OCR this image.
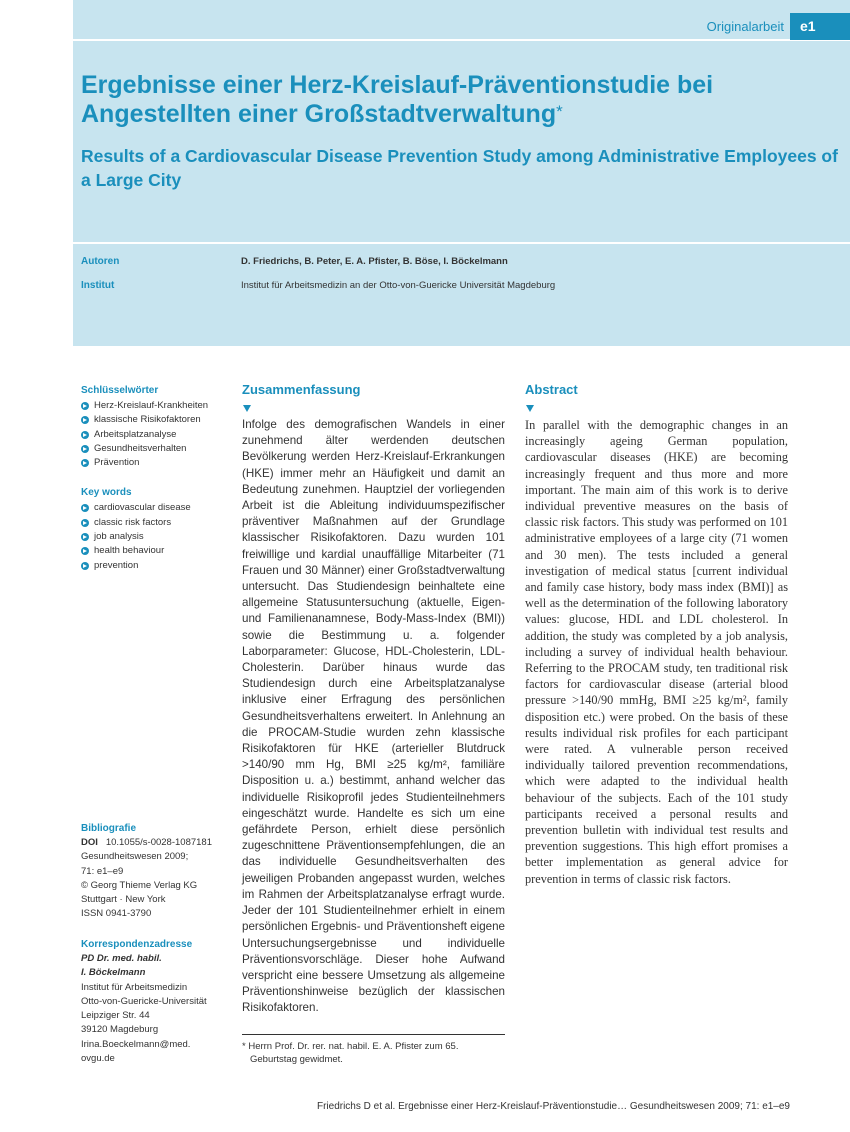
Originalarbeit	e1
Ergebnisse einer Herz-Kreislauf-Präventionstudie bei Angestellten einer Großstadtverwaltung*
Results of a Cardiovascular Disease Prevention Study among Administrative Employees of a Large City
Autoren	D. Friedrichs, B. Peter, E. A. Pfister, B. Böse, I. Böckelmann
Institut	Institut für Arbeitsmedizin an der Otto-von-Guericke Universität Magdeburg
Schlüsselwörter
Herz-Kreislauf-Krankheiten
klassische Risikofaktoren
Arbeitsplatzanalyse
Gesundheitsverhalten
Prävention
Key words
cardiovascular disease
classic risk factors
job analysis
health behaviour
prevention
Bibliografie
DOI 10.1055/s-0028-1087181
Gesundheitswesen 2009;
71: e1–e9
© Georg Thieme Verlag KG
Stuttgart · New York
ISSN 0941-3790
Korrespondenzadresse
PD Dr. med. habil.
I. Böckelmann
Institut für Arbeitsmedizin
Otto-von-Guericke-Universität
Leipziger Str. 44
39120 Magdeburg
Irina.Boeckelmann@med.
ovgu.de
Zusammenfassung

Infolge des demografischen Wandels in einer zunehmend älter werdenden deutschen Bevölkerung werden Herz-Kreislauf-Erkrankungen (HKE) immer mehr an Häufigkeit und damit an Bedeutung zunehmen. Hauptziel der vorliegenden Arbeit ist die Ableitung individuumspezifischer präventiver Maßnahmen auf der Grundlage klassischer Risikofaktoren. Dazu wurden 101 freiwillige und kardial unauffällige Mitarbeiter (71 Frauen und 30 Männer) einer Großstadtverwaltung untersucht. Das Studiendesign beinhaltete eine allgemeine Statusuntersuchung (aktuelle, Eigen- und Familienanamnese, Body-Mass-Index (BMI)) sowie die Bestimmung u. a. folgender Laborparameter: Glucose, HDL-Cholesterin, LDL-Cholesterin. Darüber hinaus wurde das Studiendesign durch eine Arbeitsplatzanalyse inklusive einer Erfragung des persönlichen Gesundheitsverhaltens erweitert. In Anlehnung an die PROCAM-Studie wurden zehn klassische Risikofaktoren für HKE (arterieller Blutdruck >140/90 mm Hg, BMI ≥25 kg/m², familiäre Disposition u. a.) bestimmt, anhand welcher das individuelle Risikoprofil jedes Studienteilnehmers eingeschätzt wurde. Handelte es sich um eine gefährdete Person, erhielt diese persönlich zugeschnittene Präventionsempfehlungen, die an das individuelle Gesundheitsverhalten des jeweiligen Probanden angepasst wurden, welches im Rahmen der Arbeitsplatzanalyse erfragt wurde. Jeder der 101 Studienteilnehmer erhielt in einem persönlichen Ergebnis- und Präventionsheft eigene Untersuchungsergebnisse und individuelle Präventionsvorschläge. Dieser hohe Aufwand verspricht eine bessere Umsetzung als allgemeine Präventionshinweise bezüglich der klassischen Risikofaktoren.

Abstract

In parallel with the demographic changes in an increasingly ageing German population, cardiovascular diseases (HKE) are becoming increasingly frequent and thus more and more important. The main aim of this work is to derive individual preventive measures on the basis of classic risk factors. This study was performed on 101 administrative employees of a large city (71 women and 30 men). The tests included a general investigation of medical status [current individual and family case history, body mass index (BMI)] as well as the determination of the following laboratory values: glucose, HDL and LDL cholesterol. In addition, the study was completed by a job analysis, including a survey of individual health behaviour. Referring to the PROCAM study, ten traditional risk factors for cardiovascular disease (arterial blood pressure >140/90 mmHg, BMI ≥25 kg/m², family disposition etc.) were probed. On the basis of these results individual risk profiles for each participant were rated. A vulnerable person received individually tailored prevention recommendations, which were adapted to the individual health behaviour of the subjects. Each of the 101 study participants received a personal results and prevention bulletin with individual test results and prevention suggestions. This high effort promises a better implementation as general advice for prevention in terms of classic risk factors.

* Herrn Prof. Dr. rer. nat. habil. E. A. Pfister zum 65. Geburtstag gewidmet.
Friedrichs D et al. Ergebnisse einer Herz-Kreislauf-Präventionstudie… Gesundheitswesen 2009; 71: e1–e9
